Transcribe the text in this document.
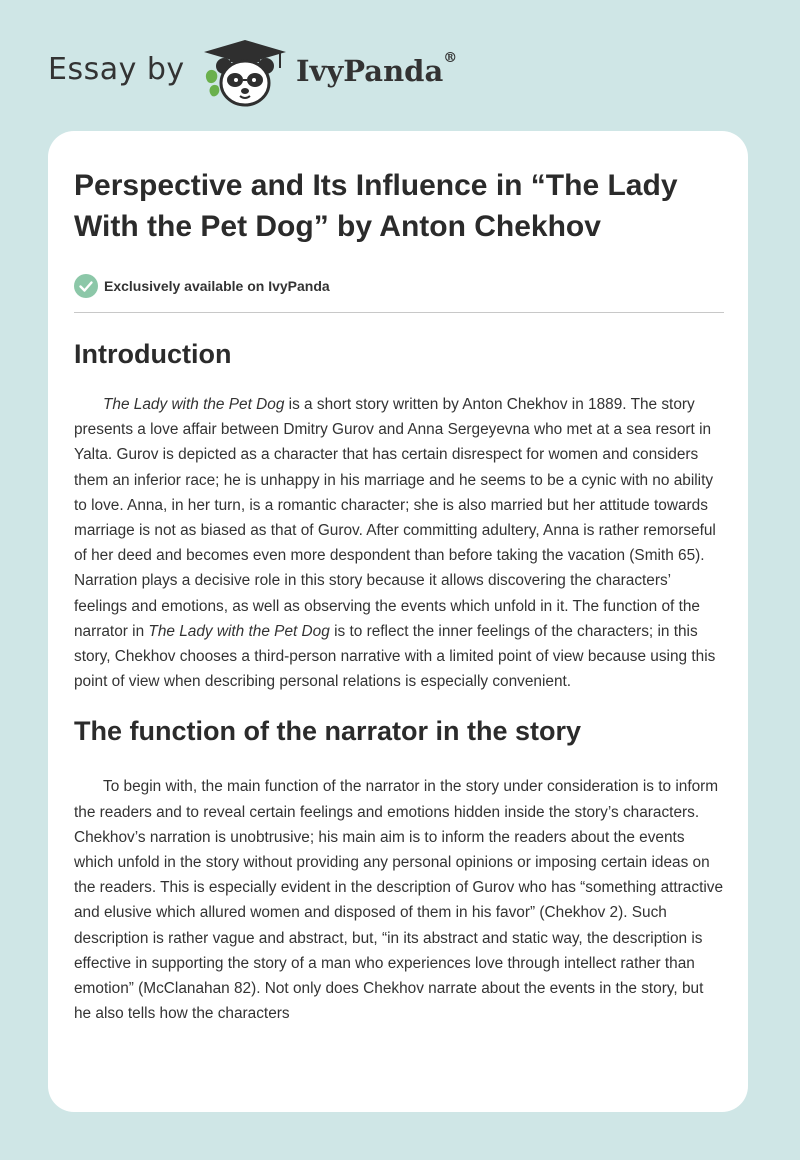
Essay by	IvyPanda®
Perspective and Its Influence in “The Lady With the Pet Dog” by Anton Chekhov
Exclusively available on IvyPanda
Introduction

The Lady with the Pet Dog is a short story written by Anton Chekhov in 1889. The story presents a love affair between Dmitry Gurov and Anna Sergeyevna who met at a sea resort in Yalta. Gurov is depicted as a character that has certain disrespect for women and considers them an inferior race; he is unhappy in his marriage and he seems to be a cynic with no ability to love. Anna, in her turn, is a romantic character; she is also married but her attitude towards marriage is not as biased as that of Gurov. After committing adultery, Anna is rather remorseful of her deed and becomes even more despondent than before taking the vacation (Smith 65). Narration plays a decisive role in this story because it allows discovering the characters’ feelings and emotions, as well as observing the events which unfold in it. The function of the narrator in The Lady with the Pet Dog is to reflect the inner feelings of the characters; in this story, Chekhov chooses a third-person narrative with a limited point of view because using this point of view when describing personal relations is especially convenient.

The function of the narrator in the story

To begin with, the main function of the narrator in the story under consideration is to inform the readers and to reveal certain feelings and emotions hidden inside the story’s characters. Chekhov’s narration is unobtrusive; his main aim is to inform the readers about the events which unfold in the story without providing any personal opinions or imposing certain ideas on the readers. This is especially evident in the description of Gurov who has “something attractive and elusive which allured women and disposed of them in his favor” (Chekhov 2). Such description is rather vague and abstract, but, “in its abstract and static way, the description is effective in supporting the story of a man who experiences love through intellect rather than emotion” (McClanahan 82). Not only does Chekhov narrate about the events in the story, but he also tells how the characters
